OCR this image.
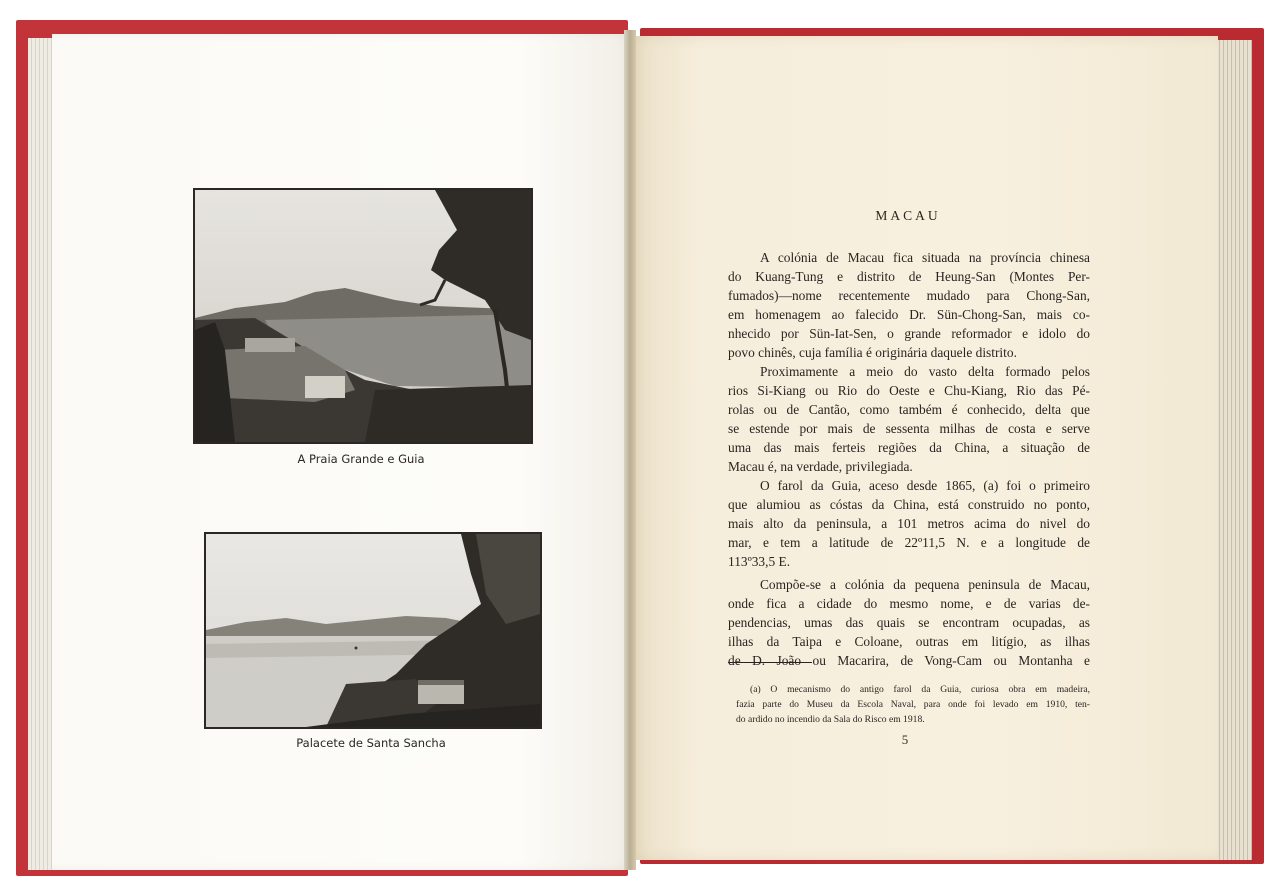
A Praia Grande e Guia
Palacete de Santa Sancha
MACAU
A colónia de Macau fica situada na província chinesa
do Kuang-Tung e distrito de Heung-San (Montes Per-
fumados)—nome recentemente mudado para Chong-San,
em homenagem ao falecido Dr. Sün-Chong-San, mais co-
nhecido por Sün-Iat-Sen, o grande reformador e idolo do
povo chinês, cuja família é originária daquele distrito.
Proximamente a meio do vasto delta formado pelos
rios Si-Kiang ou Rio do Oeste e Chu-Kiang, Rio das Pé-
rolas ou de Cantão, como também é conhecido, delta que
se estende por mais de sessenta milhas de costa e serve
uma das mais ferteis regiões da China, a situação de
Macau é, na verdade, privilegiada.
O farol da Guia, aceso desde 1865, (a) foi o primeiro
que alumiou as cóstas da China, está construido no ponto,
mais alto da peninsula, a 101 metros acima do nivel do
mar, e tem a latitude de 22º11,5 N. e a longitude de
113º33,5 E.
Compõe-se a colónia da pequena peninsula de Macau,
onde fica a cidade do mesmo nome, e de varias de-
pendencias, umas das quais se encontram ocupadas, as
ilhas da Taipa e Coloane, outras em litígio, as ilhas
de D. João ou Macarira, de Vong-Cam ou Montanha e
(a) O mecanismo do antigo farol da Guia, curiosa obra em madeira,
fazia parte do Museu da Escola Naval, para onde foi levado em 1910, ten-
do ardido no incendio da Sala do Risco em 1918.
5
